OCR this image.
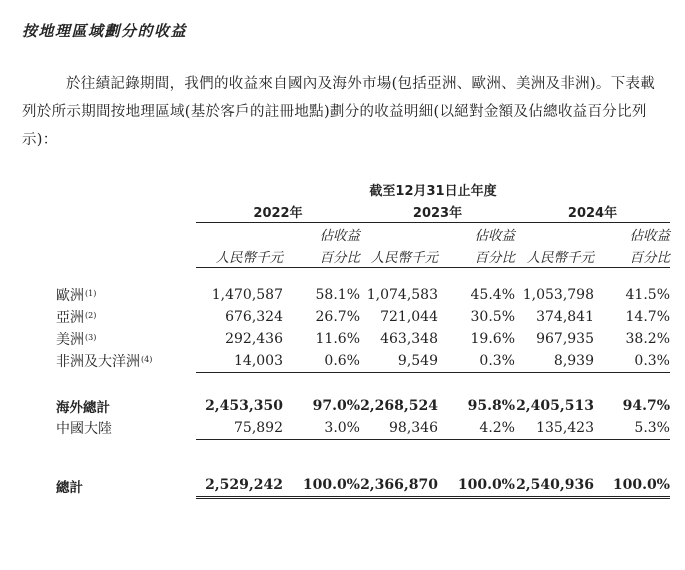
按地理區域劃分的收益
於往績記錄期間，我們的收益來自國內及海外市場(包括亞洲、歐洲、美洲及非洲)。下表載列於所示期間按地理區域(基於客戶的註冊地點)劃分的收益明細(以絕對金額及佔總收益百分比列示)：
	截至12月31日止年度					
	2022年		2023年		2024年	
		佔收益		佔收益		佔收益
	人民幣千元	百分比	人民幣千元	百分比	人民幣千元	百分比

歐洲$^{(1)}$	1,470,587	58.1%	1,074,583	45.4%	1,053,798	41.5%
亞洲$^{(2)}$	676,324	26.7%	721,044	30.5%	374,841	14.7%
美洲$^{(3)}$	292,436	11.6%	463,348	19.6%	967,935	38.2%
非洲及大洋洲$^{(4)}$	14,003	0.6%	9,549	0.3%	8,939	0.3%

海外總計	2,453,350	97.0%	2,268,524	95.8%	2,405,513	94.7%
中國大陸	75,892	3.0%	98,346	4.2%	135,423	5.3%

總計	2,529,242	100.0%	2,366,870	100.0%	2,540,936	100.0%
